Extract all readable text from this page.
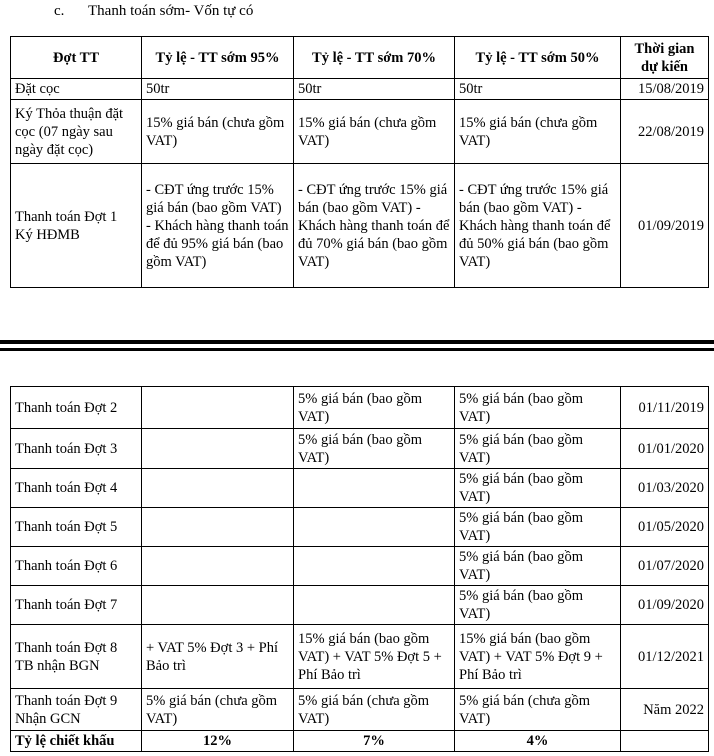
c. Thanh toán sớm- Vốn tự có
Đợt TT	Tỷ lệ - TT sớm 95%	Tỷ lệ - TT sớm 70%	Tỷ lệ - TT sớm 50%	Thời gian dự kiến
Đặt cọc	50tr	50tr	50tr	15/08/2019
Ký Thỏa thuận đặt cọc (07 ngày sau ngày đặt cọc)	15% giá bán (chưa gồm VAT)	15% giá bán (chưa gồm VAT)	15% giá bán (chưa gồm VAT)	22/08/2019
Thanh toán Đợt 1 Ký HĐMB	- CĐT ứng trước 15% giá bán (bao gồm VAT) - Khách hàng thanh toán để đủ 95% giá bán (bao gồm VAT)	- CĐT ứng trước 15% giá bán (bao gồm VAT) - Khách hàng thanh toán để đủ 70% giá bán (bao gồm VAT)	- CĐT ứng trước 15% giá bán (bao gồm VAT) - Khách hàng thanh toán để đủ 50% giá bán (bao gồm VAT)	01/09/2019
Thanh toán Đợt 2		5% giá bán (bao gồm VAT)	5% giá bán (bao gồm VAT)	01/11/2019
Thanh toán Đợt 3		5% giá bán (bao gồm VAT)	5% giá bán (bao gồm VAT)	01/01/2020
Thanh toán Đợt 4			5% giá bán (bao gồm VAT)	01/03/2020
Thanh toán Đợt 5			5% giá bán (bao gồm VAT)	01/05/2020
Thanh toán Đợt 6			5% giá bán (bao gồm VAT)	01/07/2020
Thanh toán Đợt 7			5% giá bán (bao gồm VAT)	01/09/2020
Thanh toán Đợt 8 TB nhận BGN	+ VAT 5% Đợt 3 + Phí Bảo trì	15% giá bán (bao gồm VAT) + VAT 5% Đợt 5 + Phí Bảo trì	15% giá bán (bao gồm VAT) + VAT 5% Đợt 9 + Phí Bảo trì	01/12/2021
Thanh toán Đợt 9 Nhận GCN	5% giá bán (chưa gồm VAT)	5% giá bán (chưa gồm VAT)	5% giá bán (chưa gồm VAT)	Năm 2022
Tỷ lệ chiết khấu	12%	7%	4%	
